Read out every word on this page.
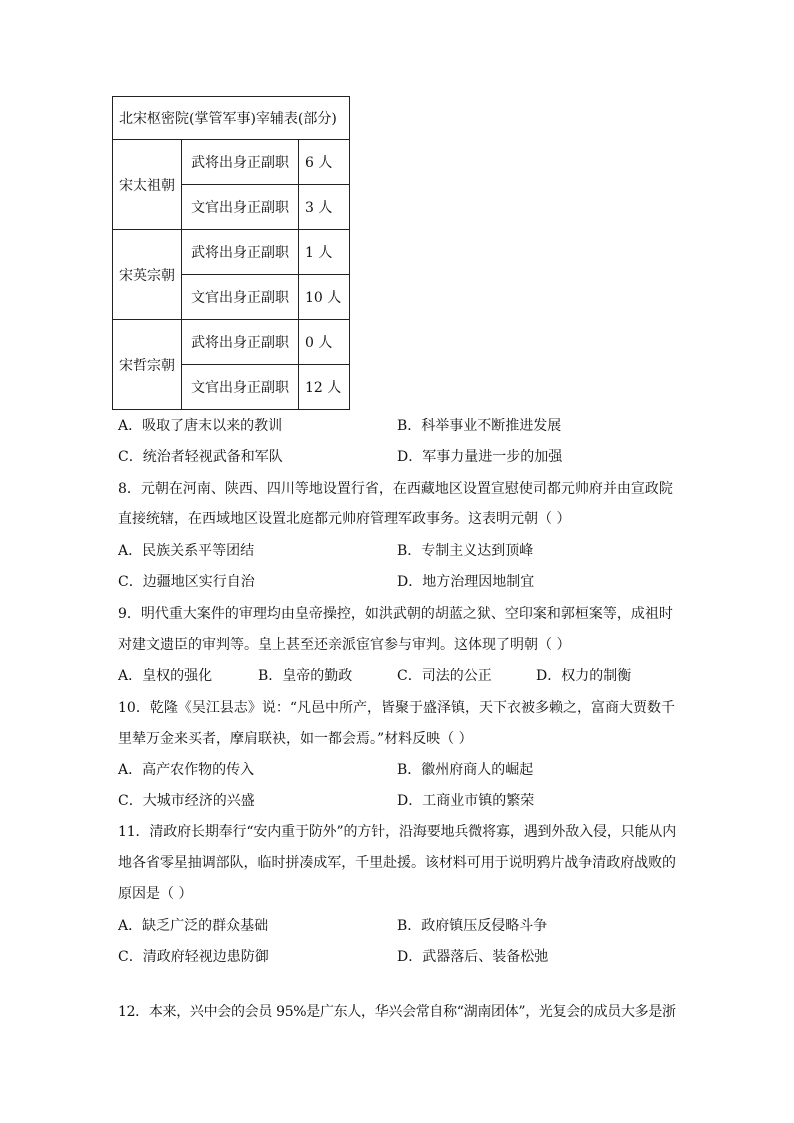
北宋枢密院(掌管军事)宰辅表(部分)		
宋太祖朝	武将出身正副职	6 人
	文官出身正副职	3 人
宋英宗朝	武将出身正副职	1 人
	文官出身正副职	10 人
宋哲宗朝	武将出身正副职	0 人
	文官出身正副职	12 人
A．吸取了唐末以来的教训	B．科举事业不断推进发展
C．统治者轻视武备和军队	D．军事力量进一步的加强
8．元朝在河南、陕西、四川等地设置行省，在西藏地区设置宣慰使司都元帅府并由宣政院
直接统辖，在西域地区设置北庭都元帅府管理军政事务。这表明元朝（ ）
A．民族关系平等团结	B．专制主义达到顶峰
C．边疆地区实行自治	D．地方治理因地制宜
9．明代重大案件的审理均由皇帝操控，如洪武朝的胡蓝之狱、空印案和郭桓案等，成祖时
对建文遗臣的审判等。皇上甚至还亲派宦官参与审判。这体现了明朝（ ）
A．皇权的强化	B．皇帝的勤政	C．司法的公正	D．权力的制衡
10．乾隆《吴江县志》说：“凡邑中所产，皆聚于盛泽镇，天下衣被多赖之，富商大贾数千
里辇万金来买者，摩肩联袂，如一都会焉。”材料反映（ ）
A．高产农作物的传入	B．徽州府商人的崛起
C．大城市经济的兴盛	D．工商业市镇的繁荣
11．清政府长期奉行“安内重于防外”的方针，沿海要地兵微将寡，遇到外敌入侵，只能从内
地各省零星抽调部队，临时拼凑成军，千里赴援。该材料可用于说明鸦片战争清政府战败的
原因是（ ）
A．缺乏广泛的群众基础	B．政府镇压反侵略斗争
C．清政府轻视边患防御	D．武器落后、装备松弛
12．本来，兴中会的会员 95%是广东人，华兴会常自称“湖南团体”，光复会的成员大多是浙
